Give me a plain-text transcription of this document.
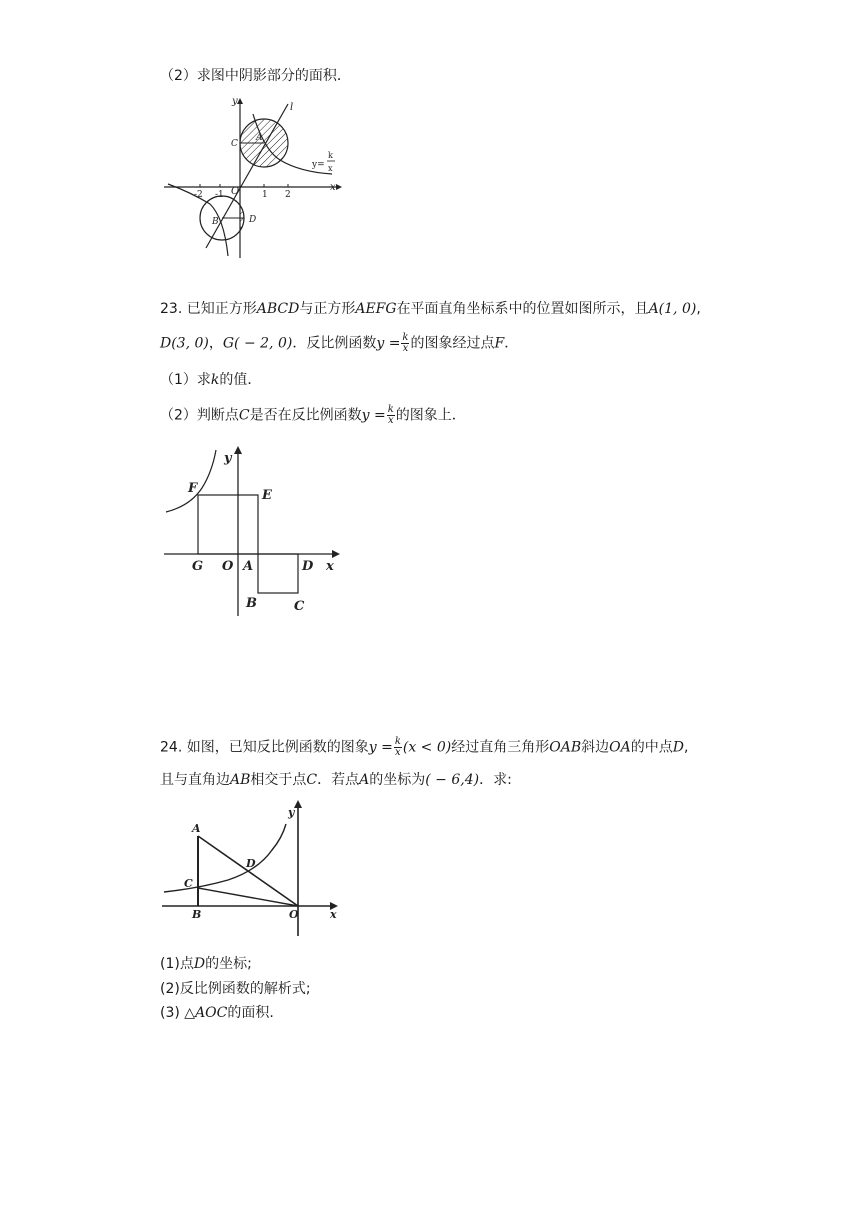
（2）求图中阴影部分的面积．
-2 -1	1 2
y
x
l
A
C
B	D
O
y=
k
x
23. 已知正方形ABCD与正方形AEFG在平面直角坐标系中的位置如图所示，且A(1, 0),
D(3, 0)，G( − 2, 0)．反比例函数$y = \frac{k}{x}$ 的图象经过点F．
（1）求k的值．
（2）判断点C是否在反比例函数$y = \frac{k}{x}$ 的图象上．
y
x
F	E
G O A	D
B	C
24. 如图，已知反比例函数的图象$y = \frac{k}{x} (x < 0)$经过直角三角形OAB斜边OA的中点D,
且与直角边AB相交于点C．若点A的坐标为( − 6,4)．求:
y
x
A
B
C
D
O
(1)点D的坐标;
(2)反比例函数的解析式;
(3) △AOC的面积.
